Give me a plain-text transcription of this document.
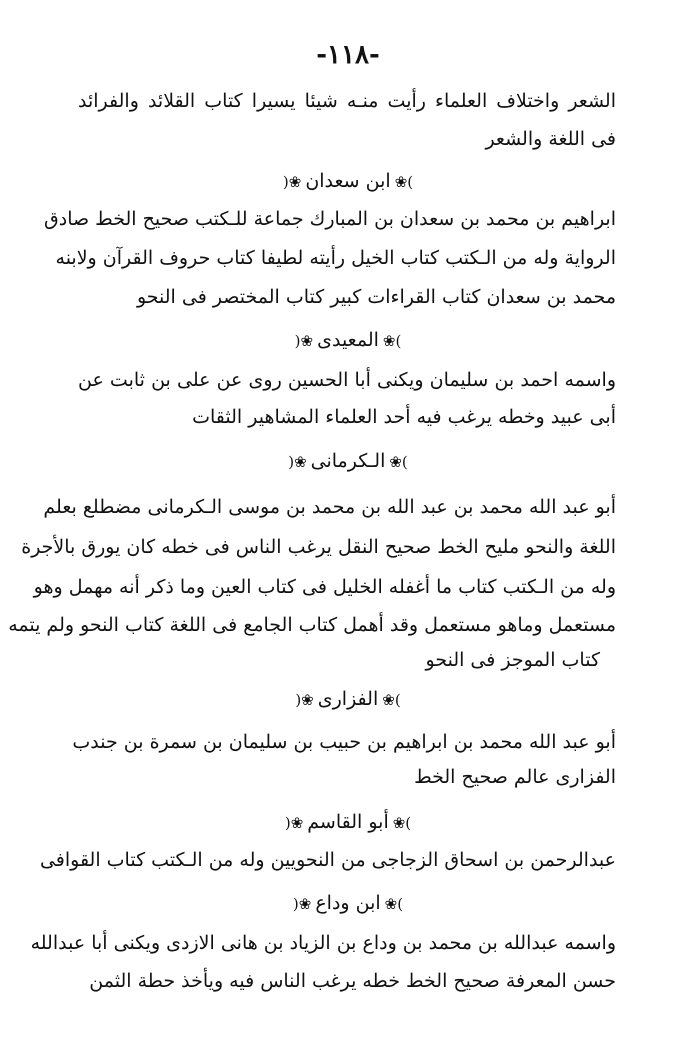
-١١٨-
الشعر واختلاف العلماء رأيت منـه شيئا يسيرا كتاب القلائد والفرائد
فى اللغة والشعر
)❀ابن سعدان❀(
ابراهيم بن محمد بن سعدان بن المبارك جماعة للـكتب صحيح الخط صادق
الرواية وله من الـكتب كتاب الخيل رأيته لطيفا كتاب حروف القرآن ولابنه
محمد بن سعدان كتاب القراءات كبير كتاب المختصر فى النحو
)❀المعيدى❀(
واسمه احمد بن سليمان ويكنى أبا الحسين روى عن على بن ثابت عن
أبى عبيد وخطه يرغب فيه أحد العلماء المشاهير الثقات
)❀الـكرمانى❀(
أبو عبد الله محمد بن عبد الله بن محمد بن موسى الـكرمانى مضطلع بعلم
اللغة والنحو مليح الخط صحيح النقل يرغب الناس فى خطه كان يورق بالأجرة
وله من الـكتب كتاب ما أغفله الخليل فى كتاب العين وما ذكر أنه مهمل وهو
مستعمل وماهو مستعمل وقد أهمل كتاب الجامع فى اللغة كتاب النحو ولم يتمه
كتاب الموجز فى النحو
)❀الفزارى❀(
أبو عبد الله محمد بن ابراهيم بن حبيب بن سليمان بن سمرة بن جندب
الفزارى عالم صحيح الخط
)❀أبو القاسم❀(
عبدالرحمن بن اسحاق الزجاجى من النحويين وله من الـكتب كتاب القوافى
)❀ابن وداع❀(
واسمه عبدالله بن محمد بن وداع بن الزياد بن هانى الازدى ويكنى أبا عبدالله
حسن المعرفة صحيح الخط خطه يرغب الناس فيه ويأخذ حطة الثمن
